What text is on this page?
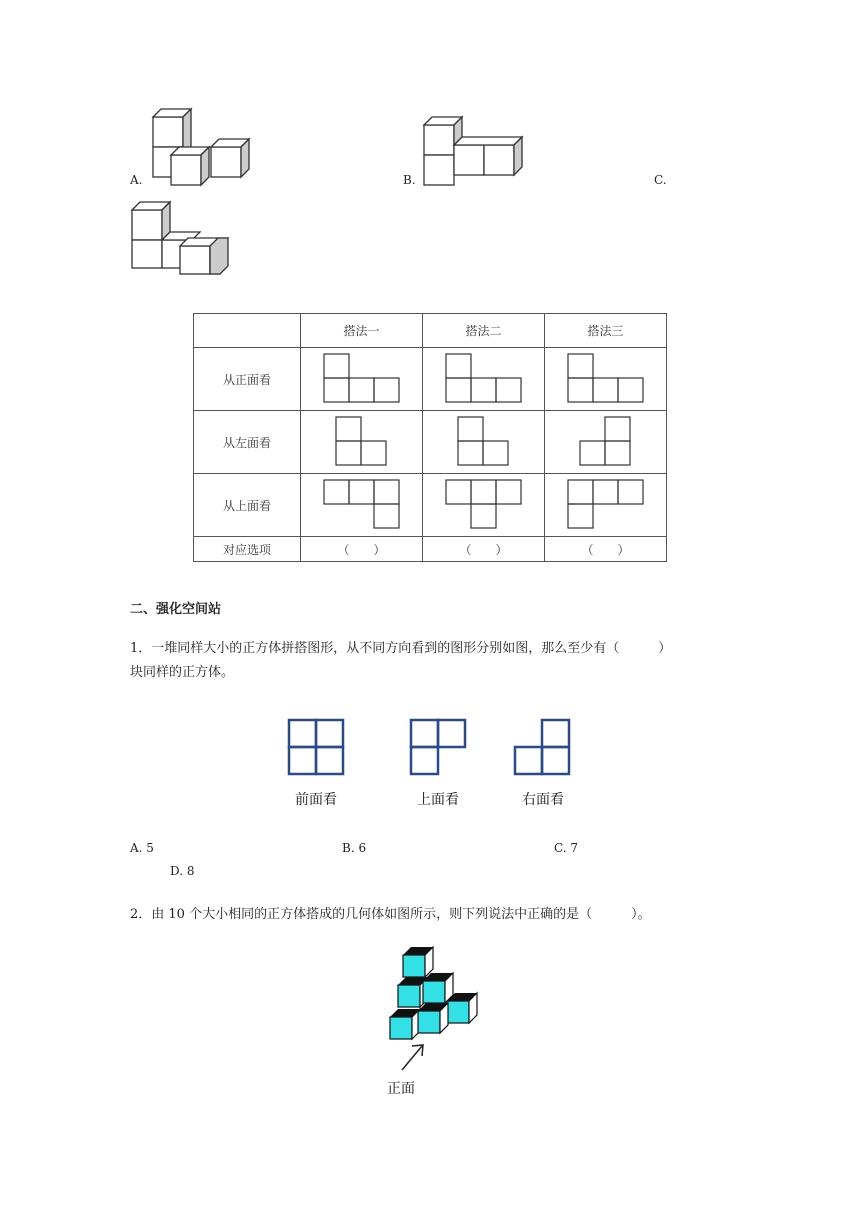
A.	B.	C.
	搭法一	搭法二	搭法三
从正面看			
从左面看			
从上面看			
对应选项	（　　）	（　　）	（　　）
二、强化空间站
1．一堆同样大小的正方体拼搭图形，从不同方向看到的图形分别如图，那么至少有（　　　）
块同样的正方体。
前面看	上面看	右面看
A. 5	B. 6	C. 7
D. 8
2．由 10 个大小相同的正方体搭成的几何体如图所示，则下列说法中正确的是（　　　）。
正面
